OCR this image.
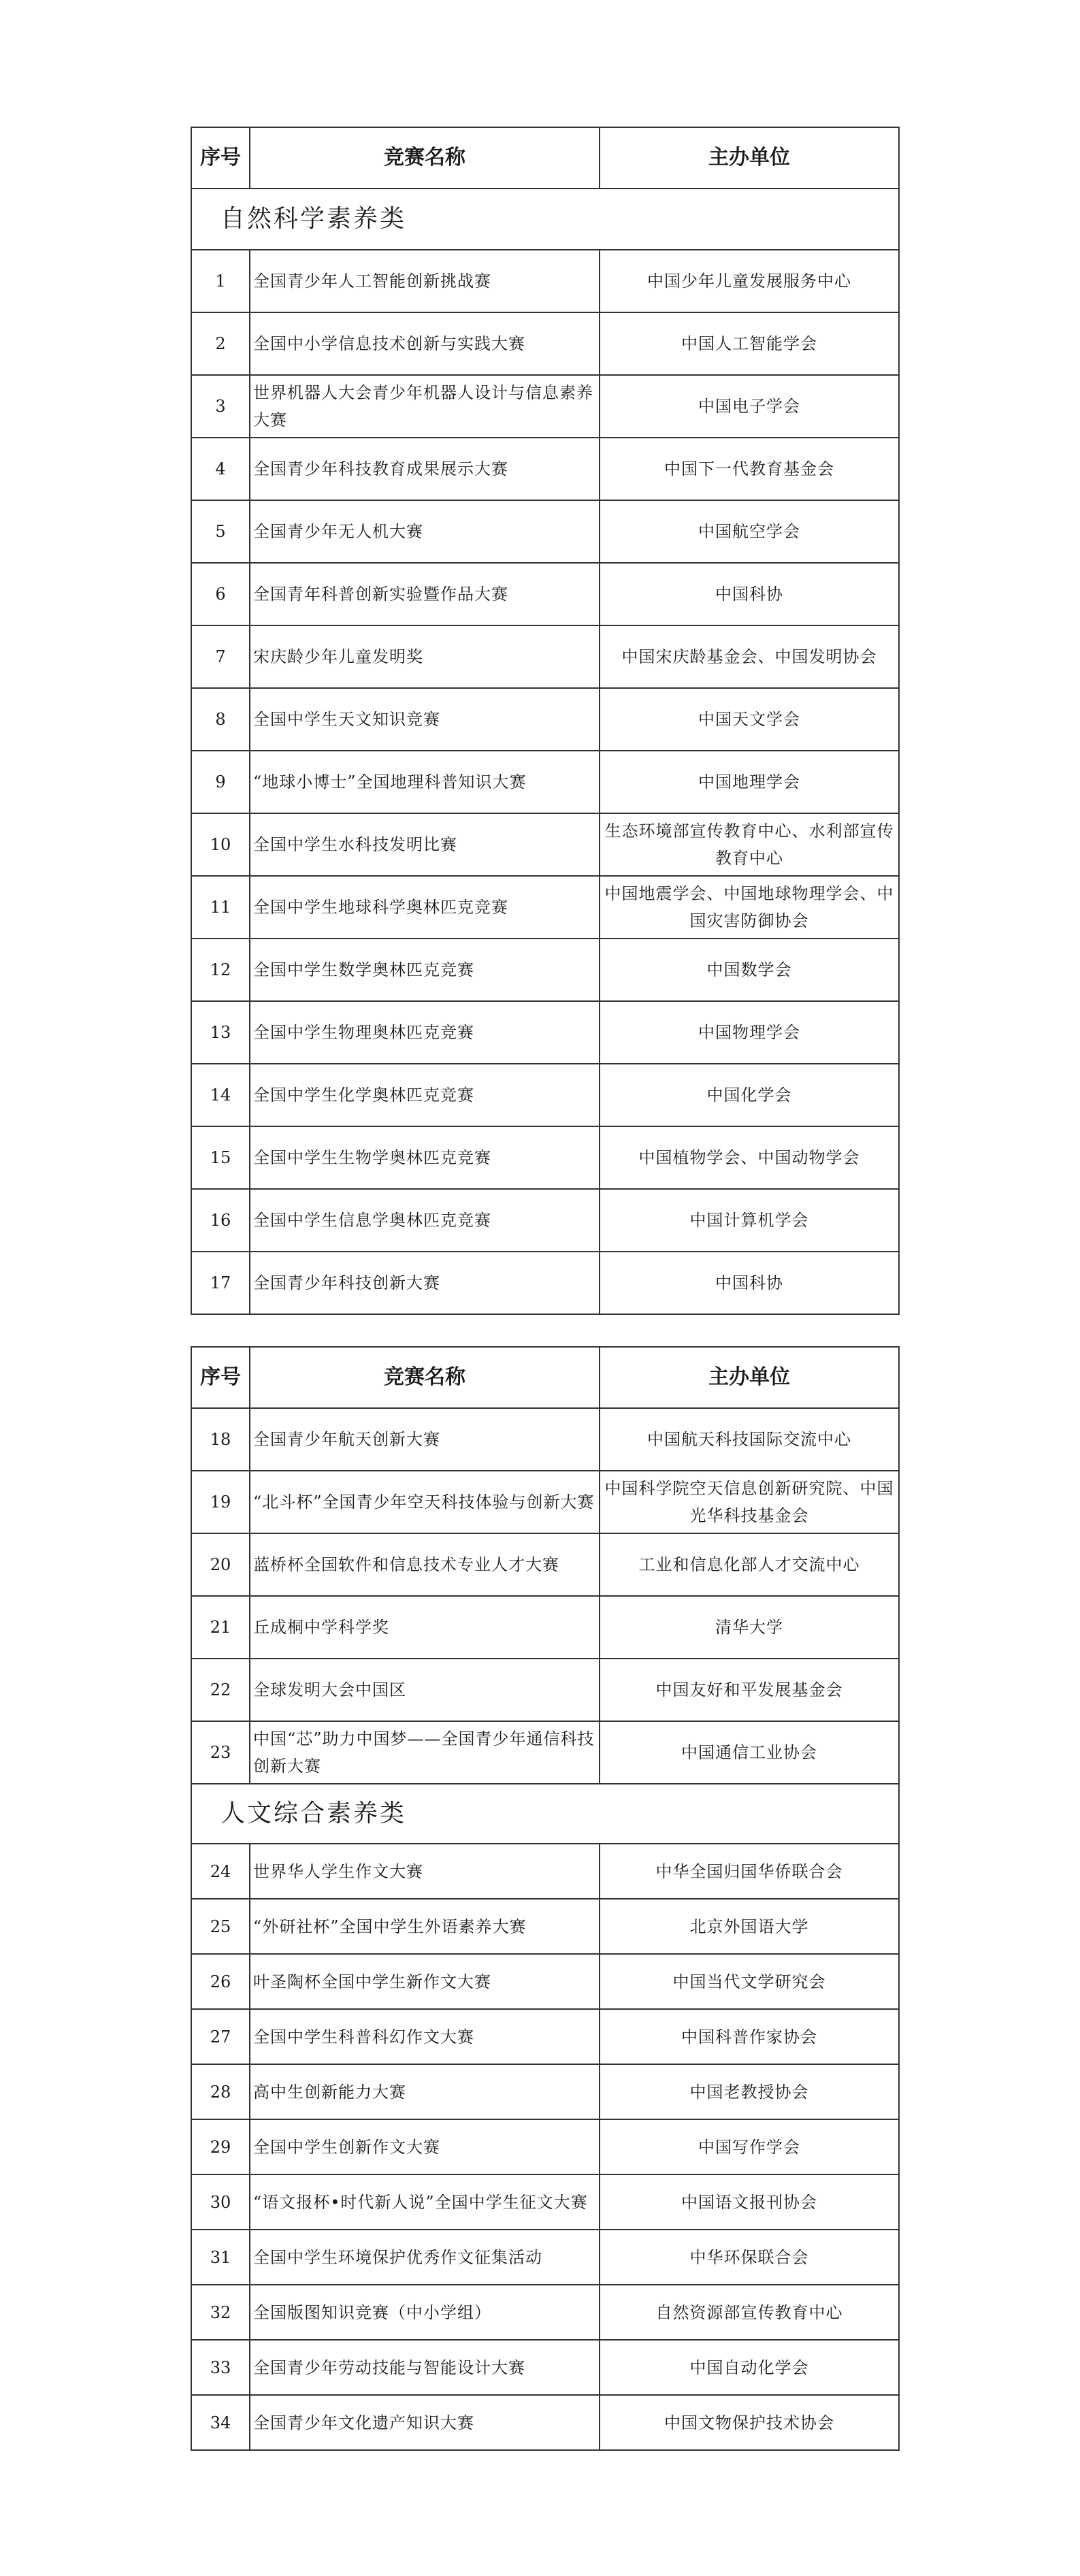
序号	竞赛名称	主办单位
自然科学素养类		
1	全国青少年人工智能创新挑战赛	中国少年儿童发展服务中心
2	全国中小学信息技术创新与实践大赛	中国人工智能学会
3	世界机器人大会青少年机器人设计与信息素养大赛	中国电子学会
4	全国青少年科技教育成果展示大赛	中国下一代教育基金会
5	全国青少年无人机大赛	中国航空学会
6	全国青年科普创新实验暨作品大赛	中国科协
7	宋庆龄少年儿童发明奖	中国宋庆龄基金会、中国发明协会
8	全国中学生天文知识竞赛	中国天文学会
9	“地球小博士”全国地理科普知识大赛	中国地理学会
10	全国中学生水科技发明比赛	生态环境部宣传教育中心、水利部宣传教育中心
11	全国中学生地球科学奥林匹克竞赛	中国地震学会、中国地球物理学会、中国灾害防御协会
12	全国中学生数学奥林匹克竞赛	中国数学会
13	全国中学生物理奥林匹克竞赛	中国物理学会
14	全国中学生化学奥林匹克竞赛	中国化学会
15	全国中学生生物学奥林匹克竞赛	中国植物学会、中国动物学会
16	全国中学生信息学奥林匹克竞赛	中国计算机学会
17	全国青少年科技创新大赛	中国科协
序号	竞赛名称	主办单位
18	全国青少年航天创新大赛	中国航天科技国际交流中心
19	“北斗杯”全国青少年空天科技体验与创新大赛	中国科学院空天信息创新研究院、中国光华科技基金会
20	蓝桥杯全国软件和信息技术专业人才大赛	工业和信息化部人才交流中心
21	丘成桐中学科学奖	清华大学
22	全球发明大会中国区	中国友好和平发展基金会
23	中国“芯”助力中国梦——全国青少年通信科技创新大赛	中国通信工业协会
人文综合素养类		
24	世界华人学生作文大赛	中华全国归国华侨联合会
25	“外研社杯”全国中学生外语素养大赛	北京外国语大学
26	叶圣陶杯全国中学生新作文大赛	中国当代文学研究会
27	全国中学生科普科幻作文大赛	中国科普作家协会
28	高中生创新能力大赛	中国老教授协会
29	全国中学生创新作文大赛	中国写作学会
30	“语文报杯•时代新人说”全国中学生征文大赛	中国语文报刊协会
31	全国中学生环境保护优秀作文征集活动	中华环保联合会
32	全国版图知识竞赛（中小学组）	自然资源部宣传教育中心
33	全国青少年劳动技能与智能设计大赛	中国自动化学会
34	全国青少年文化遗产知识大赛	中国文物保护技术协会
